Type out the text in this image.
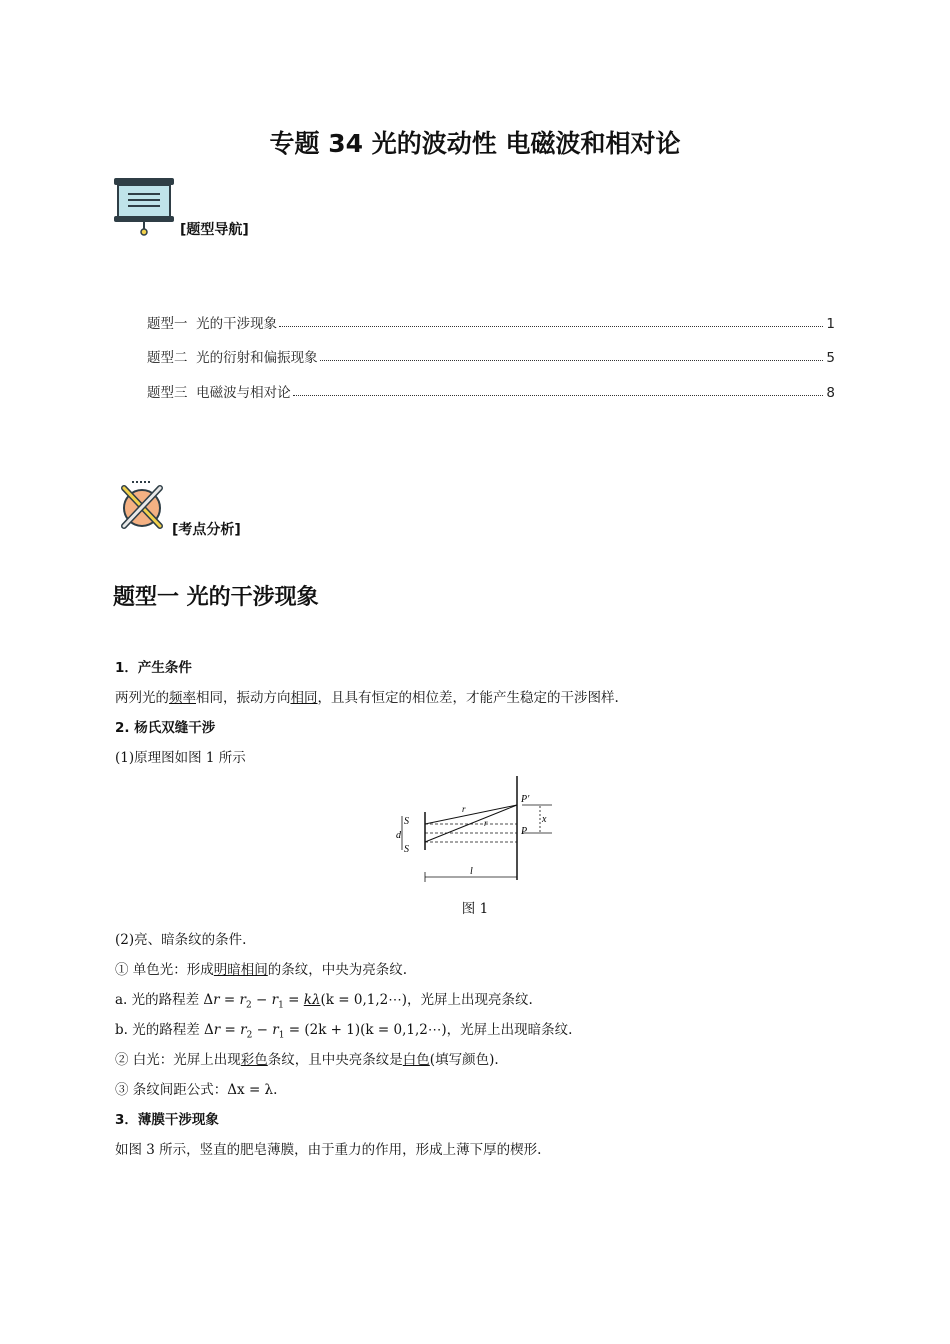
专题 34 光的波动性 电磁波和相对论
[题型导航]
题型一  光的干涉现象	1
题型二  光的衍射和偏振现象	5
题型三  电磁波与相对论	8
[考点分析]
题型一 光的干涉现象
1．产生条件
两列光的频率相同，振动方向相同，且具有恒定的相位差，才能产生稳定的干涉图样.
2. 杨氏双缝干涉
(1)原理图如图 1 所示
S
d
S
r
r
P′
P
x
l
图 1
(2)亮、暗条纹的条件.
① 单色光：形成明暗相间的条纹，中央为亮条纹.
a. 光的路程差 $\Delta r = r_2 - r_1 = k\lambda(k$ = 0,1,2⋯)，光屏上出现亮条纹.
b. 光的路程差 $\Delta r = r_2 - r_1 = (2k + 1)(k$ = 0,1,2⋯)，光屏上出现暗条纹.
② 白光：光屏上出现彩色条纹，且中央亮条纹是白色(填写颜色).
③ 条纹间距公式：Δx = λ.
3．薄膜干涉现象
如图 3 所示，竖直的肥皂薄膜，由于重力的作用，形成上薄下厚的楔形.
